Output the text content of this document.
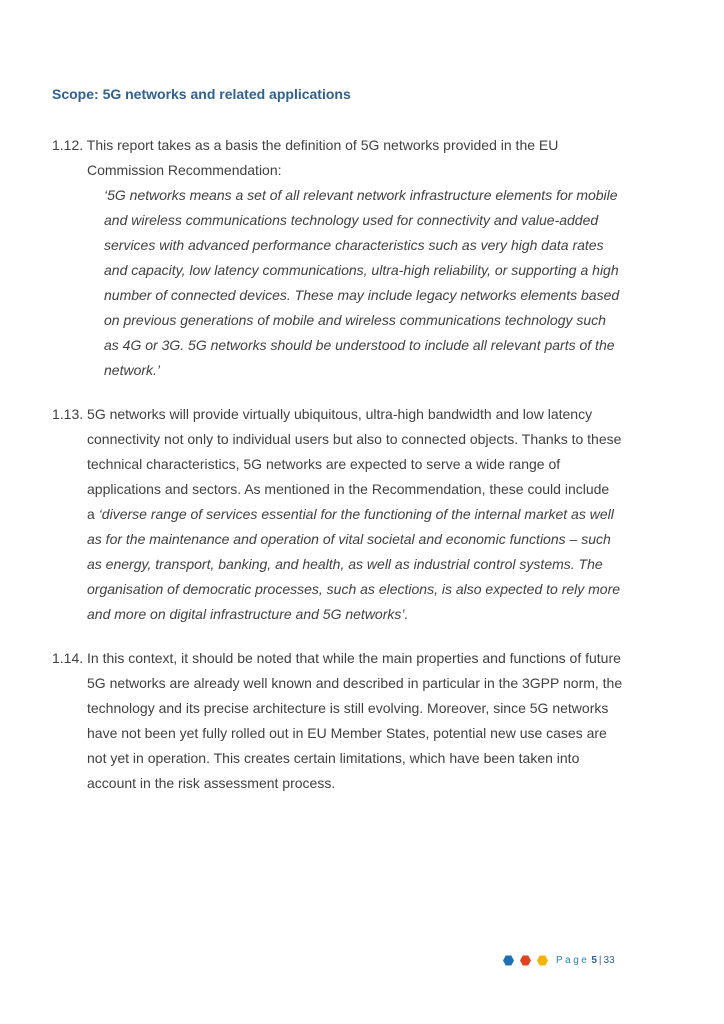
Scope: 5G networks and related applications

1.12. This report takes as a basis the definition of 5G networks provided in the EU
Commission Recommendation:

‘5G networks means a set of all relevant network infrastructure elements for mobile
and wireless communications technology used for connectivity and value-added
services with advanced performance characteristics such as very high data rates
and capacity, low latency communications, ultra-high reliability, or supporting a high
number of connected devices. These may include legacy networks elements based
on previous generations of mobile and wireless communications technology such
as 4G or 3G. 5G networks should be understood to include all relevant parts of the
network.’

1.13. 5G networks will provide virtually ubiquitous, ultra-high bandwidth and low latency
connectivity not only to individual users but also to connected objects. Thanks to these
technical characteristics, 5G networks are expected to serve a wide range of
applications and sectors. As mentioned in the Recommendation, these could include
a ‘diverse range of services essential for the functioning of the internal market as well
as for the maintenance and operation of vital societal and economic functions – such
as energy, transport, banking, and health, as well as industrial control systems. The
organisation of democratic processes, such as elections, is also expected to rely more
and more on digital infrastructure and 5G networks’.

1.14. In this context, it should be noted that while the main properties and functions of future
5G networks are already well known and described in particular in the 3GPP norm, the
technology and its precise architecture is still evolving. Moreover, since 5G networks
have not been yet fully rolled out in EU Member States, potential new use cases are
not yet in operation. This creates certain limitations, which have been taken into
account in the risk assessment process.

Page 5 | 33
